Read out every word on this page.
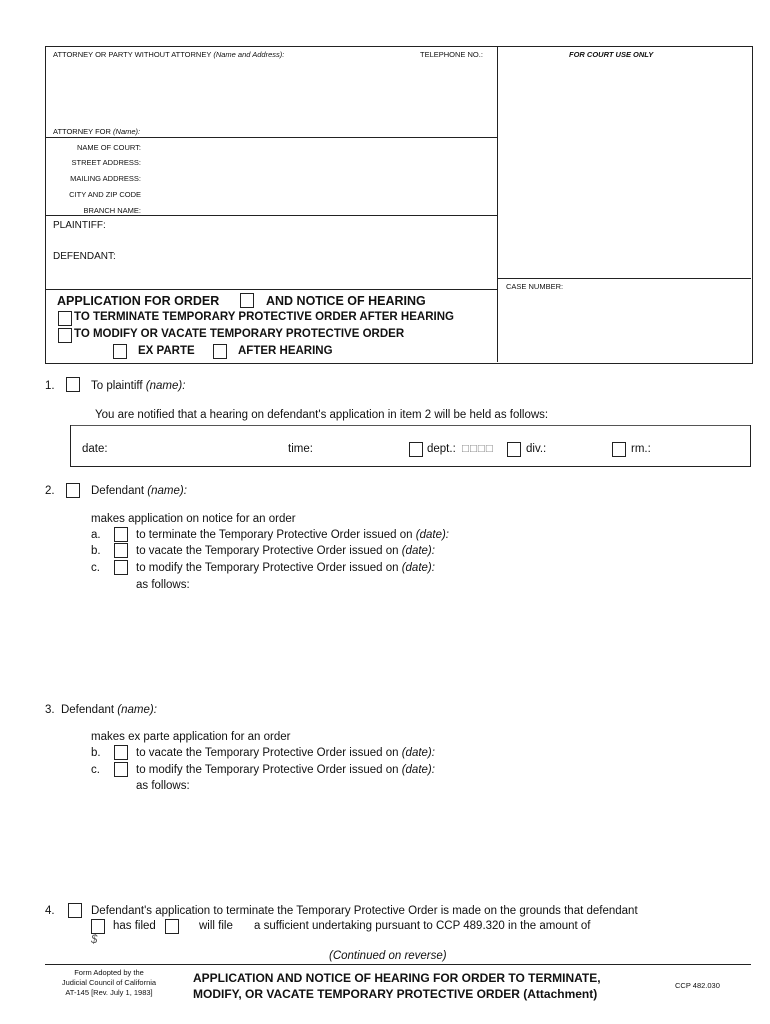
ATTORNEY OR PARTY WITHOUT ATTORNEY (Name and Address):	TELEPHONE NO.:	FOR COURT USE ONLY
ATTORNEY FOR (Name):
NAME OF COURT:
STREET ADDRESS:
MAILING ADDRESS:
CITY AND ZIP CODE
BRANCH NAME:
PLAINTIFF:
DEFENDANT:
CASE NUMBER:
APPLICATION FOR ORDER	AND NOTICE OF HEARING
TO TERMINATE TEMPORARY PROTECTIVE ORDER AFTER HEARING
TO MODIFY OR VACATE TEMPORARY PROTECTIVE ORDER
EX PARTE	AFTER HEARING
1.	To plaintiff (name):
You are notified that a hearing on defendant's application in item 2 will be held as follows:
date:	time:	dept.: □□□□	div.:	rm.:
2.	Defendant (name):
makes application on notice for an order
a.	to terminate the Temporary Protective Order issued on (date):
b.	to vacate the Temporary Protective Order issued on (date):
c.	to modify the Temporary Protective Order issued on (date):
as follows:
3. Defendant (name):
makes ex parte application for an order
b.	to vacate the Temporary Protective Order issued on (date):
c.	to modify the Temporary Protective Order issued on (date):
as follows:
4.	Defendant's application to terminate the Temporary Protective Order is made on the grounds that defendant
has filed	will file a sufficient undertaking pursuant to CCP 489.320 in the amount of
$
(Continued on reverse)
Form Adopted by the
Judicial Council of California
AT-145 [Rev. July 1, 1983]
APPLICATION AND NOTICE OF HEARING FOR ORDER TO TERMINATE,
MODIFY, OR VACATE TEMPORARY PROTECTIVE ORDER (Attachment)
CCP 482.030
